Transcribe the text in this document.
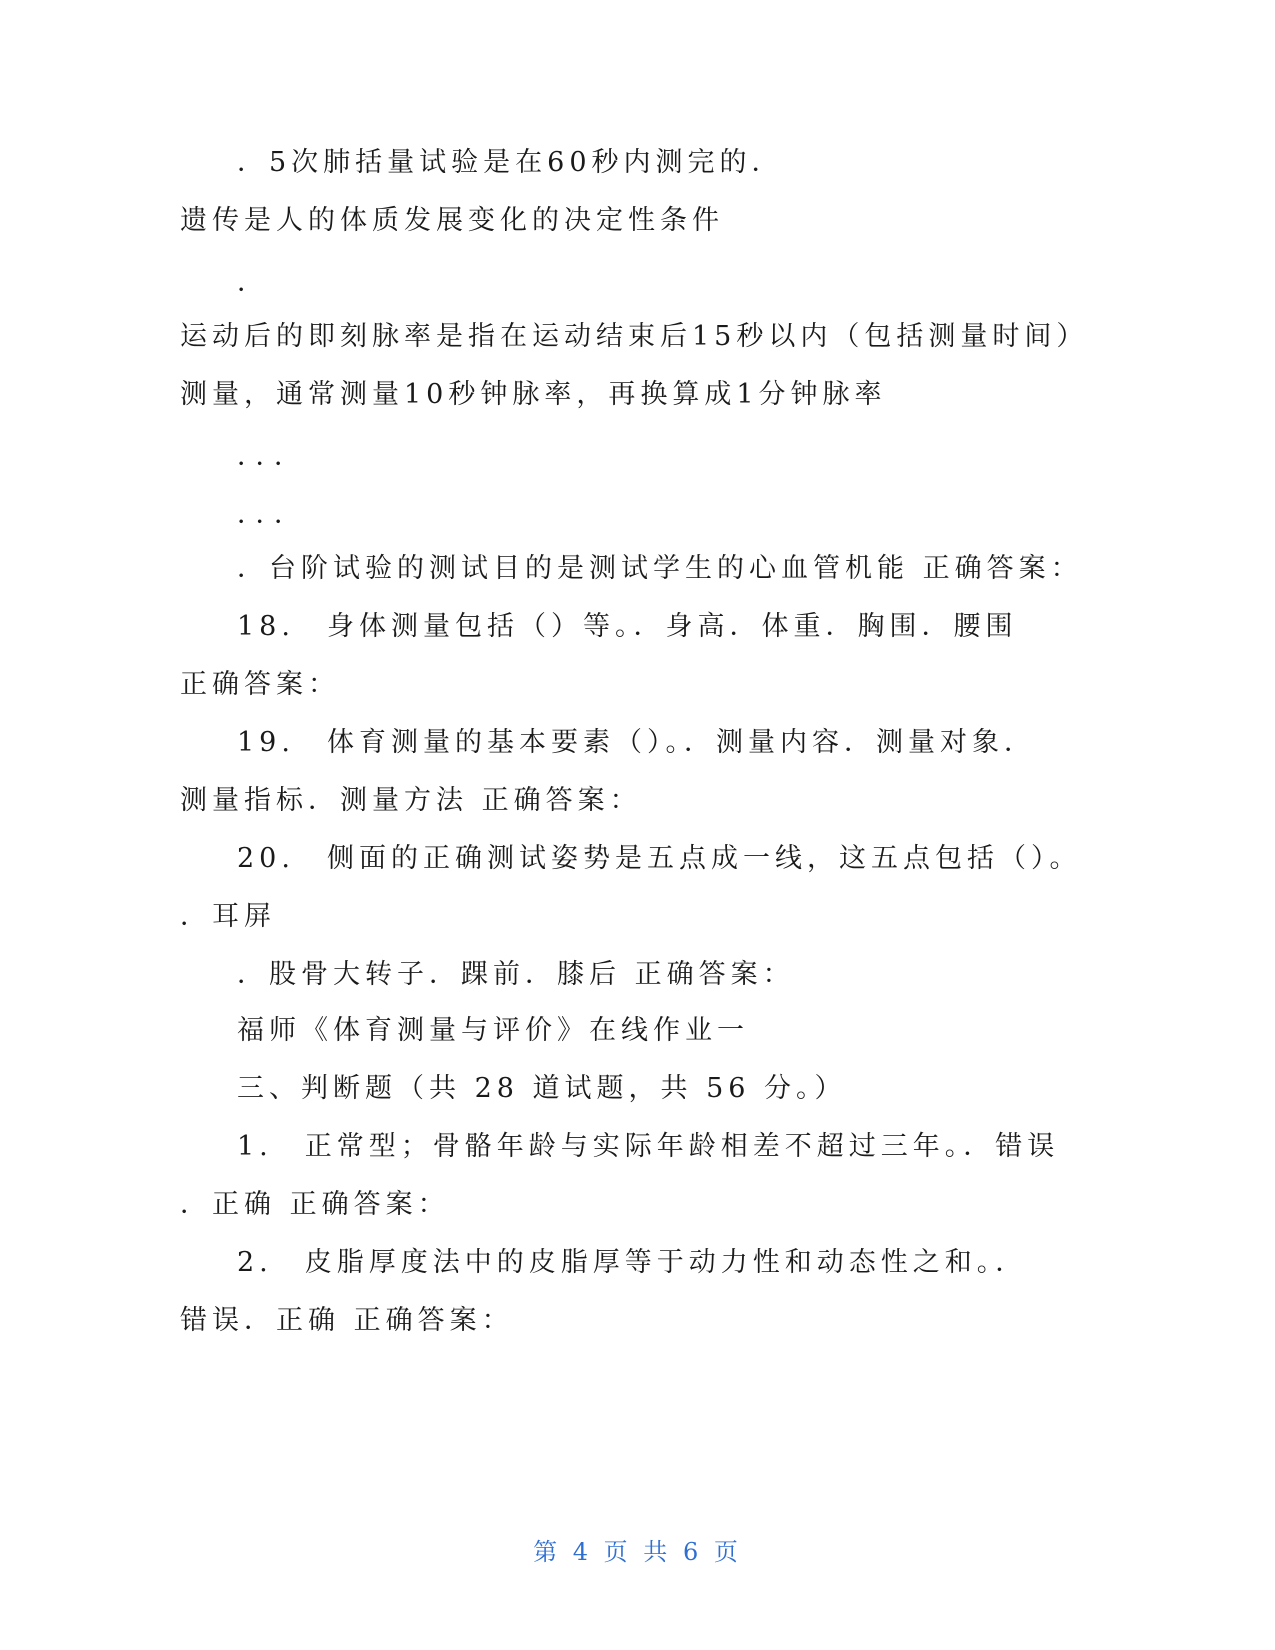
．5次肺括量试验是在60秒内测完的．
遗传是人的体质发展变化的决定性条件
．
运动后的即刻脉率是指在运动结束后15秒以内（包括测量时间）
测量，通常测量10秒钟脉率，再换算成1分钟脉率
．．．
．．．
．台阶试验的测试目的是测试学生的心血管机能 正确答案：
18.　身体测量包括（）等。．身高．体重．胸围．腰围
正确答案：
19.　体育测量的基本要素（）。．测量内容．测量对象．
测量指标．测量方法 正确答案：
20.　侧面的正确测试姿势是五点成一线，这五点包括（）。
．耳屏
．股骨大转子．踝前．膝后 正确答案：
福师《体育测量与评价》在线作业一
三、判断题（共 28 道试题，共 56 分。）
1.　正常型；骨骼年龄与实际年龄相差不超过三年。．错误
．正确 正确答案：
2.　皮脂厚度法中的皮脂厚等于动力性和动态性之和。．
错误．正确 正确答案：
第 4 页 共 6 页
